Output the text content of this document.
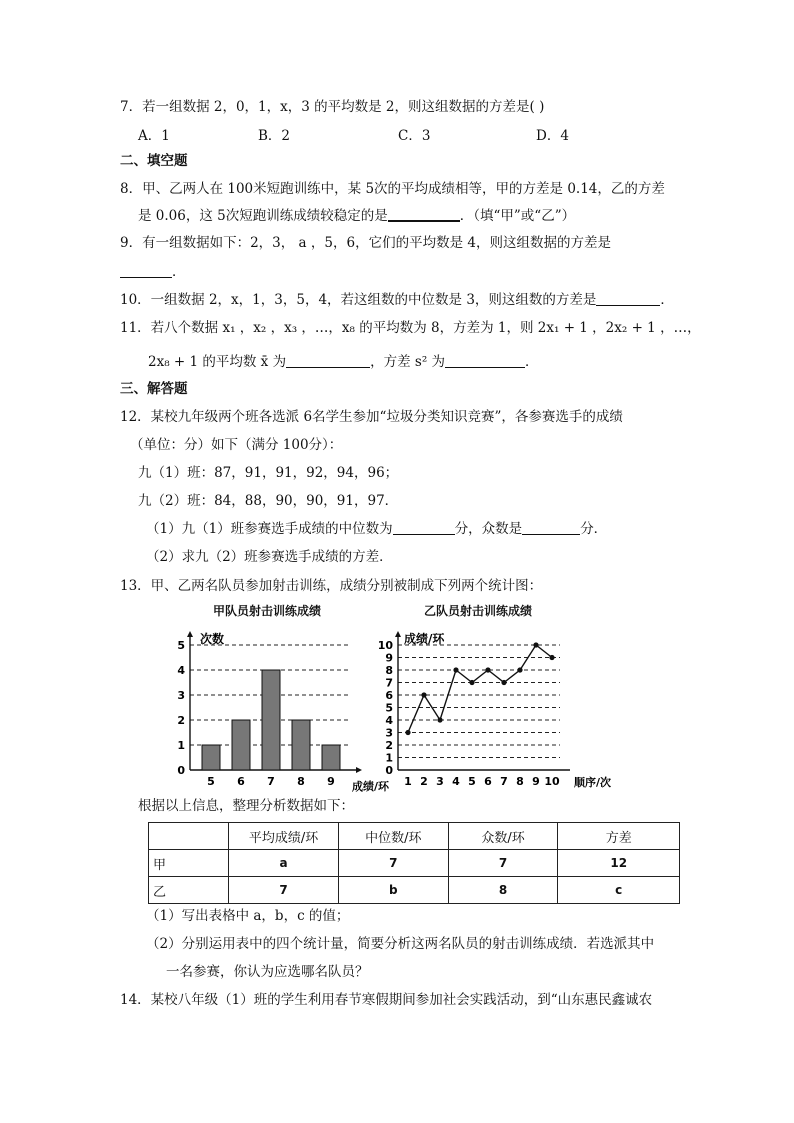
7．若一组数据 2，0，1，x，3 的平均数是 2，则这组数据的方差是( )
A．1	B．2	C．3	D．4
二、填空题
8．甲、乙两人在 100米短跑训练中，某 5次的平均成绩相等，甲的方差是 0.14，乙的方差
是 0.06，这 5次短跑训练成绩较稳定的是	．（填“甲”或“乙”）
9．有一组数据如下：2，3， a ，5，6，它们的平均数是 4，则这组数据的方差是
．
10．一组数据 2，x，1，3，5，4，若这组数的中位数是 3，则这组数的方差是	．
11．若八个数据 x₁ ，x₂ ，x₃ ，…，x₈ 的平均数为 8，方差为 1，则 2x₁ + 1 ，2x₂ + 1 ，…，
2x₈ + 1 的平均数 x̄ 为	，方差 s² 为	．
三、解答题
12．某校九年级两个班各选派 6名学生参加“垃圾分类知识竞赛”，各参赛选手的成绩
（单位：分）如下（满分 100分）：
九（1）班：87，91，91，92，94，96；
九（2）班：84，88，90，90，91，97．
（1）九（1）班参赛选手成绩的中位数为	分，众数是	分．
（2）求九（2）班参赛选手成绩的方差．
13．甲、乙两名队员参加射击训练，成绩分别被制成下列两个统计图：
甲队员射击训练成绩	乙队员射击训练成绩
0
1
2
3
4
5 次数
5 6 7 8 9 成绩/环
0
1
2
3
4
5
6
7
8
9
10 成绩/环
1 2 3 4 5 6 7 8 9 10 顺序/次
根据以上信息，整理分析数据如下：
	平均成绩/环	中位数/环	众数/环	方差
甲	a	7	7	12
乙	7	b	8	c
（1）写出表格中 a，b，c 的值；
（2）分别运用表中的四个统计量，简要分析这两名队员的射击训练成绩．若选派其中
一名参赛，你认为应选哪名队员？
14．某校八年级（1）班的学生利用春节寒假期间参加社会实践活动，到“山东惠民鑫诚农
